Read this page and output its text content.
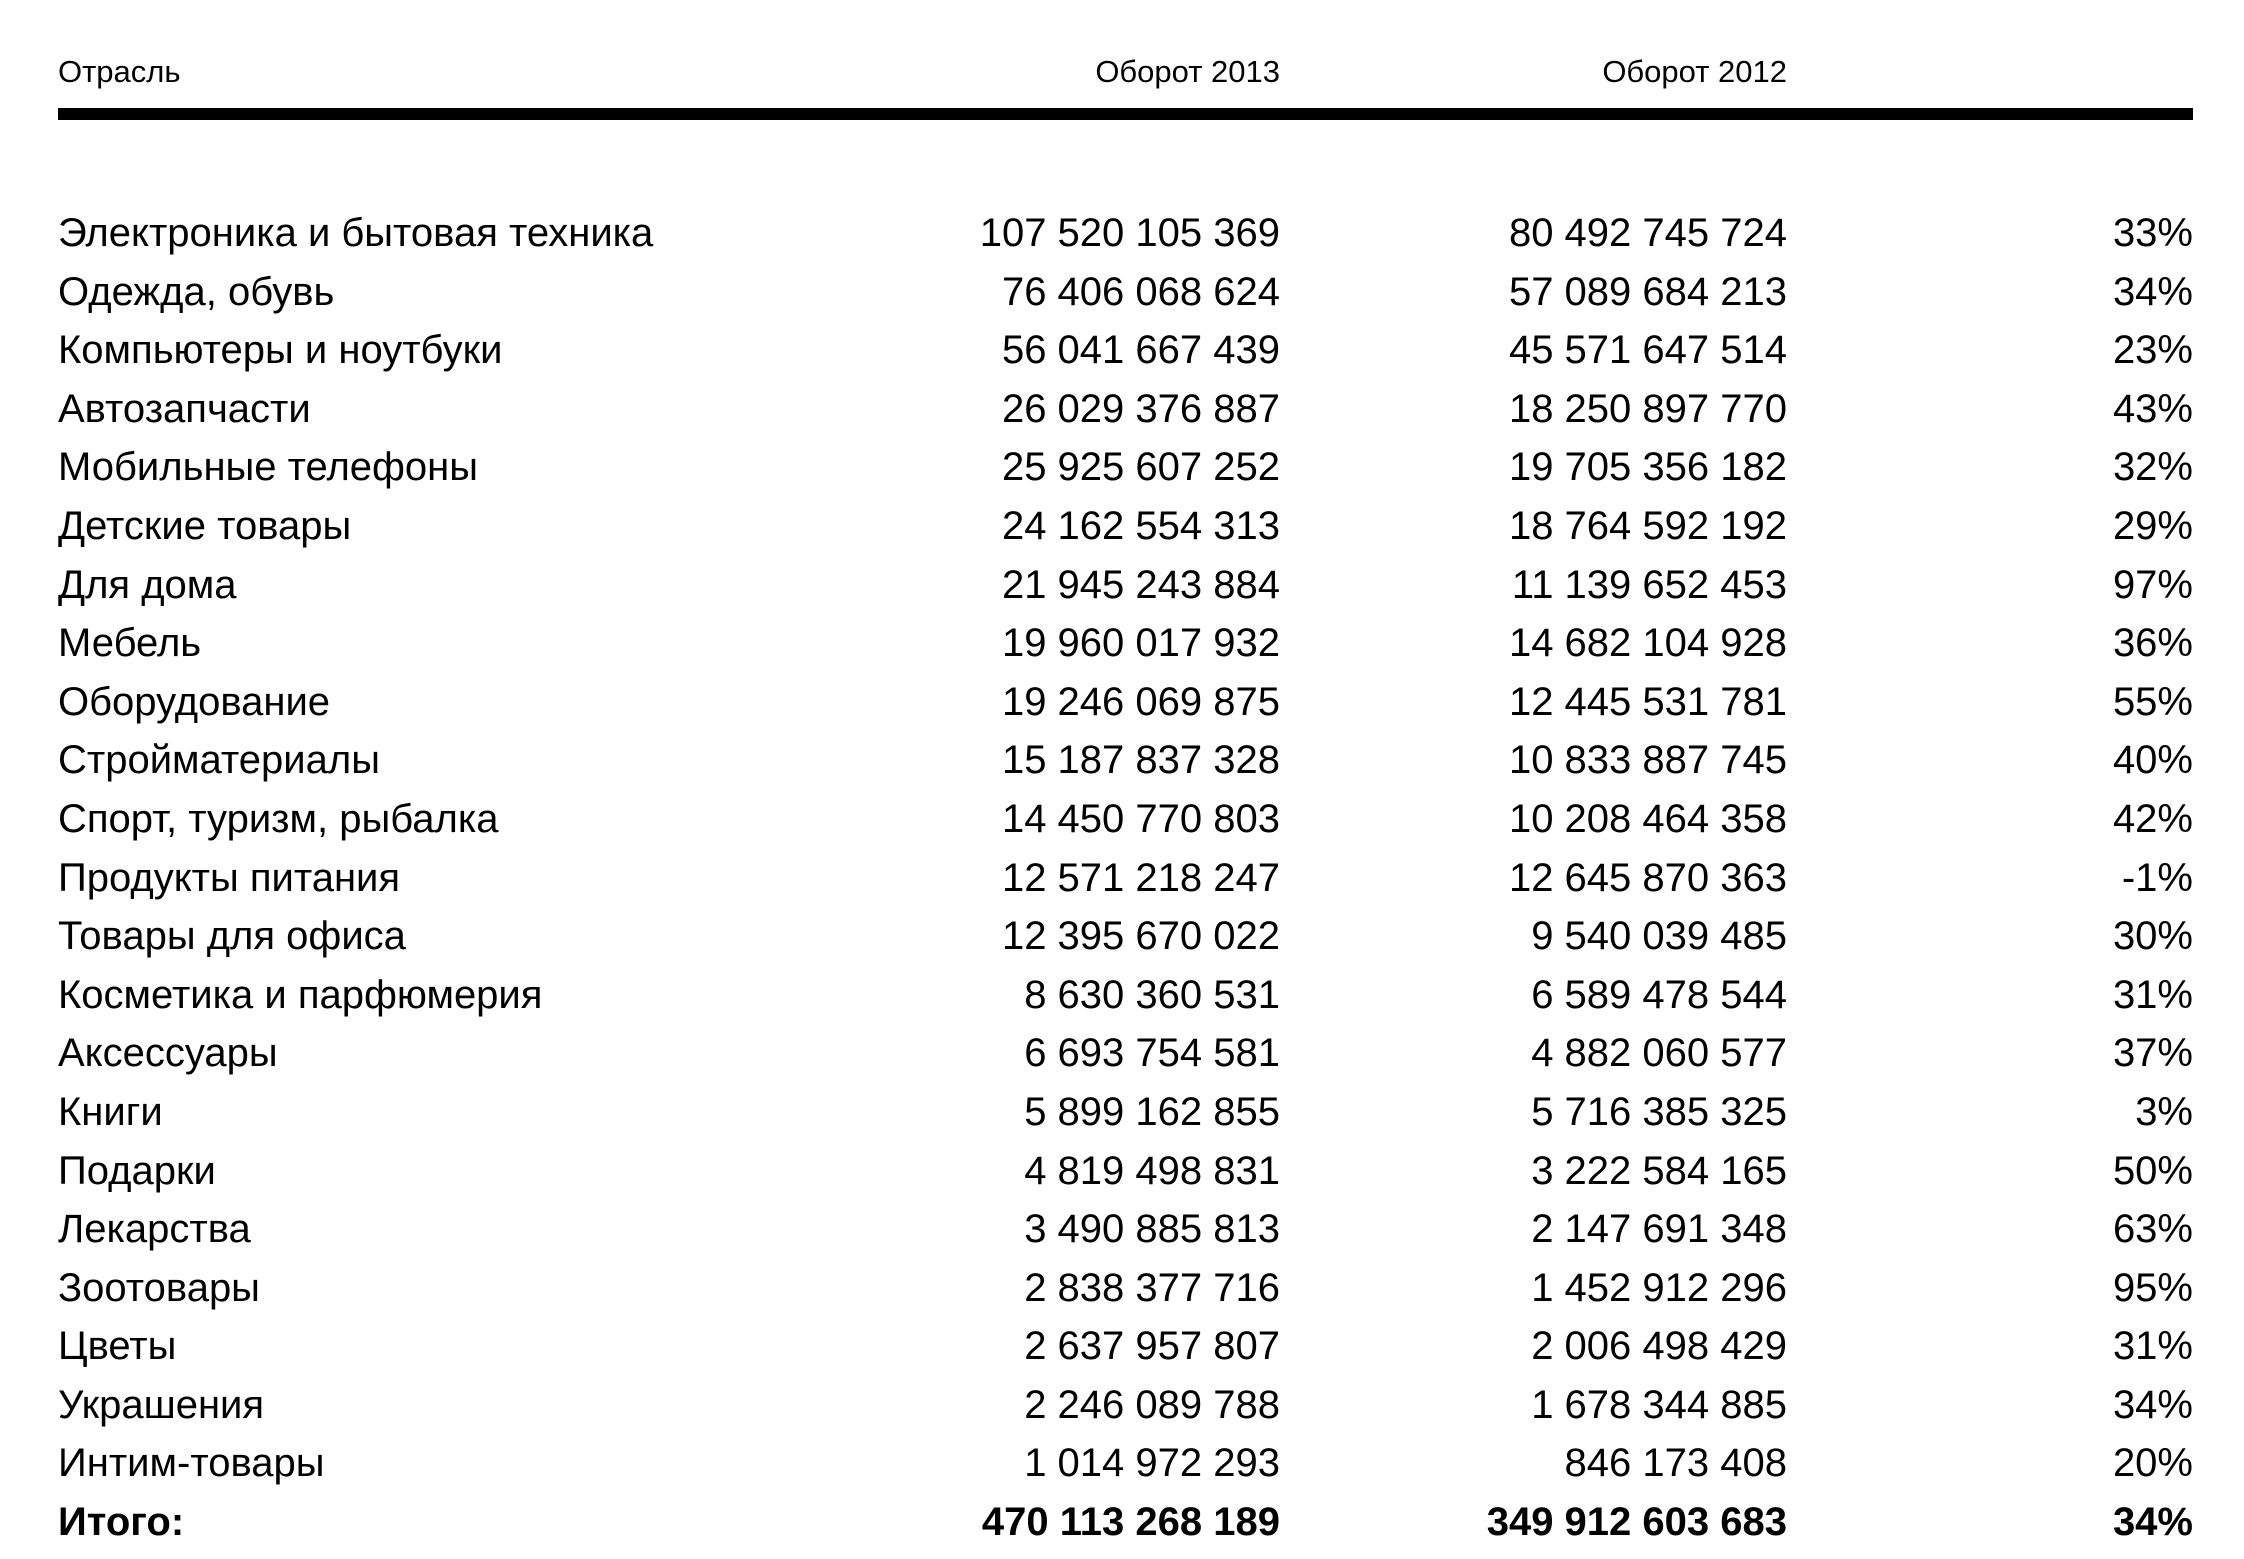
Отрасль	Оборот 2013	Оборот 2012
Электроника и бытовая техника	107 520 105 369	80 492 745 724	33%
Одежда, обувь	76 406 068 624	57 089 684 213	34%
Компьютеры и ноутбуки	56 041 667 439	45 571 647 514	23%
Автозапчасти	26 029 376 887	18 250 897 770	43%
Мобильные телефоны	25 925 607 252	19 705 356 182	32%
Детские товары	24 162 554 313	18 764 592 192	29%
Для дома	21 945 243 884	11 139 652 453	97%
Мебель	19 960 017 932	14 682 104 928	36%
Оборудование	19 246 069 875	12 445 531 781	55%
Стройматериалы	15 187 837 328	10 833 887 745	40%
Спорт, туризм, рыбалка	14 450 770 803	10 208 464 358	42%
Продукты питания	12 571 218 247	12 645 870 363	-1%
Товары для офиса	12 395 670 022	9 540 039 485	30%
Косметика и парфюмерия	8 630 360 531	6 589 478 544	31%
Аксессуары	6 693 754 581	4 882 060 577	37%
Книги	5 899 162 855	5 716 385 325	3%
Подарки	4 819 498 831	3 222 584 165	50%
Лекарства	3 490 885 813	2 147 691 348	63%
Зоотовары	2 838 377 716	1 452 912 296	95%
Цветы	2 637 957 807	2 006 498 429	31%
Украшения	2 246 089 788	1 678 344 885	34%
Интим-товары	1 014 972 293	846 173 408	20%
Итого:	470 113 268 189	349 912 603 683	34%
